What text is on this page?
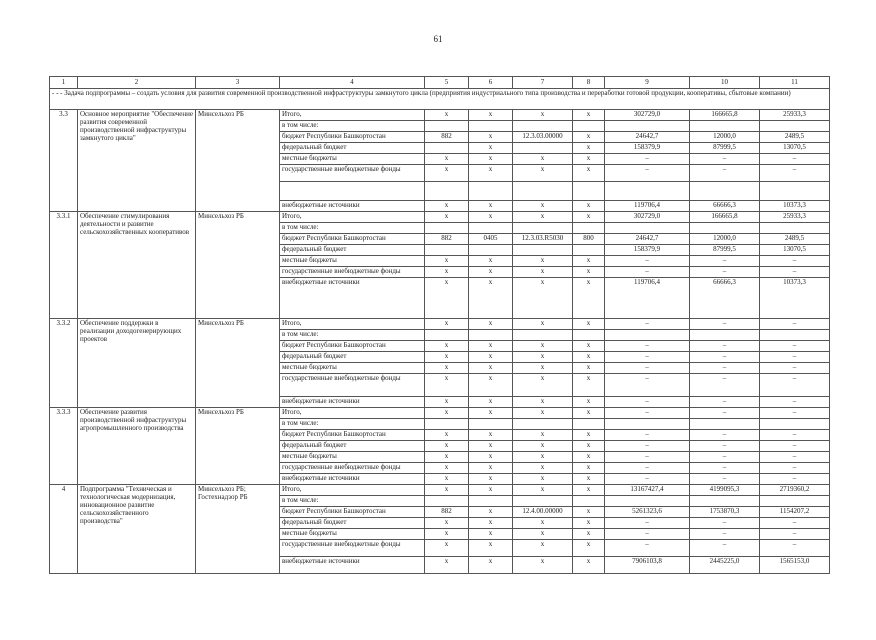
61
1	2	3	4	5	6	7	8	9	10	11
- - - Задача подпрограммы – создать условия для развития современной производственной инфраструктуры замкнутого цикла (предприятия индустриального типа производства и переработки готовой продукции, кооперативы, сбытовые компании)										
3.3	Основное мероприятие "Обеспечение развития современной производственной инфраструктуры замкнутого цикла"	Минсельхоз РБ	Итого,	x	x	x	x	302729,0	166665,8	25933,3
			в том числе:							
			бюджет Республики Башкортостан	882	x	12.3.03.00000	x	24642,7	12000,0	2489,5
			федеральный бюджет		x		x	158379,9	87999,5	13070,5
			местные бюджеты	x	x	x	x	–	–	–
			государственные внебюджетные фонды	x	x	x	x	–	–	–

			внебюджетные источники	x	x	x	x	119706,4	66666,3	10373,3
3.3.1	Обеспечение стимулирования деятельности и развитие сельскохозяйственных кооперативов	Минсельхоз РБ	Итого,	x	x	x	x	302729,0	166665,8	25933,3
			в том числе:							
			бюджет Республики Башкортостан	882	0405	12.3.03.R5030	800	24642,7	12000,0	2489,5
			федеральный бюджет					158379,9	87999,5	13070,5
			местные бюджеты	x	x	x	x	–	–	–
			государственные внебюджетные фонды	x	x	x	x	–	–	–
			внебюджетные источники	x	x	x	x	119706,4	66666,3	10373,3
3.3.2	Обеспечение поддержки в реализации доходогенерирующих проектов	Минсельхоз РБ	Итого,	x	x	x	x	–	–	–
			в том числе:							
			бюджет Республики Башкортостан	x	x	x	x	–	–	–
			федеральный бюджет	x	x	x	x	–	–	–
			местные бюджеты	x	x	x	x	–	–	–
			государственные внебюджетные фонды	x	x	x	x	–	–	–
			внебюджетные источники	x	x	x	x	–	–	–
3.3.3	Обеспечение развития производственной инфраструктуры агропромышленного производства	Минсельхоз РБ	Итого,	x	x	x	x	–	–	–
			в том числе:							
			бюджет Республики Башкортостан	x	x	x	x	–	–	–
			федеральный бюджет	x	x	x	x	–	–	–
			местные бюджеты	x	x	x	x	–	–	–
			государственные внебюджетные фонды	x	x	x	x	–	–	–
			внебюджетные источники	x	x	x	x	–	–	–
4	Подпрограмма "Техническая и технологическая модернизация, инновационное развитие сельскохозяйственного производства"	Минсельхоз РБ; Гостехнадзор РБ	Итого,	x	x	x	x	13167427,4	4199095,3	2719360,2
			в том числе:							
			бюджет Республики Башкортостан	882	x	12.4.00.00000	x	5261323,6	1753870,3	1154207,2
			федеральный бюджет	x	x	x	x	–	–	–
			местные бюджеты	x	x	x	x	–	–	–
			государственные внебюджетные фонды	x	x	x	x	–	–	–
			внебюджетные источники	x	x	x	x	7906103,8	2445225,0	1565153,0
